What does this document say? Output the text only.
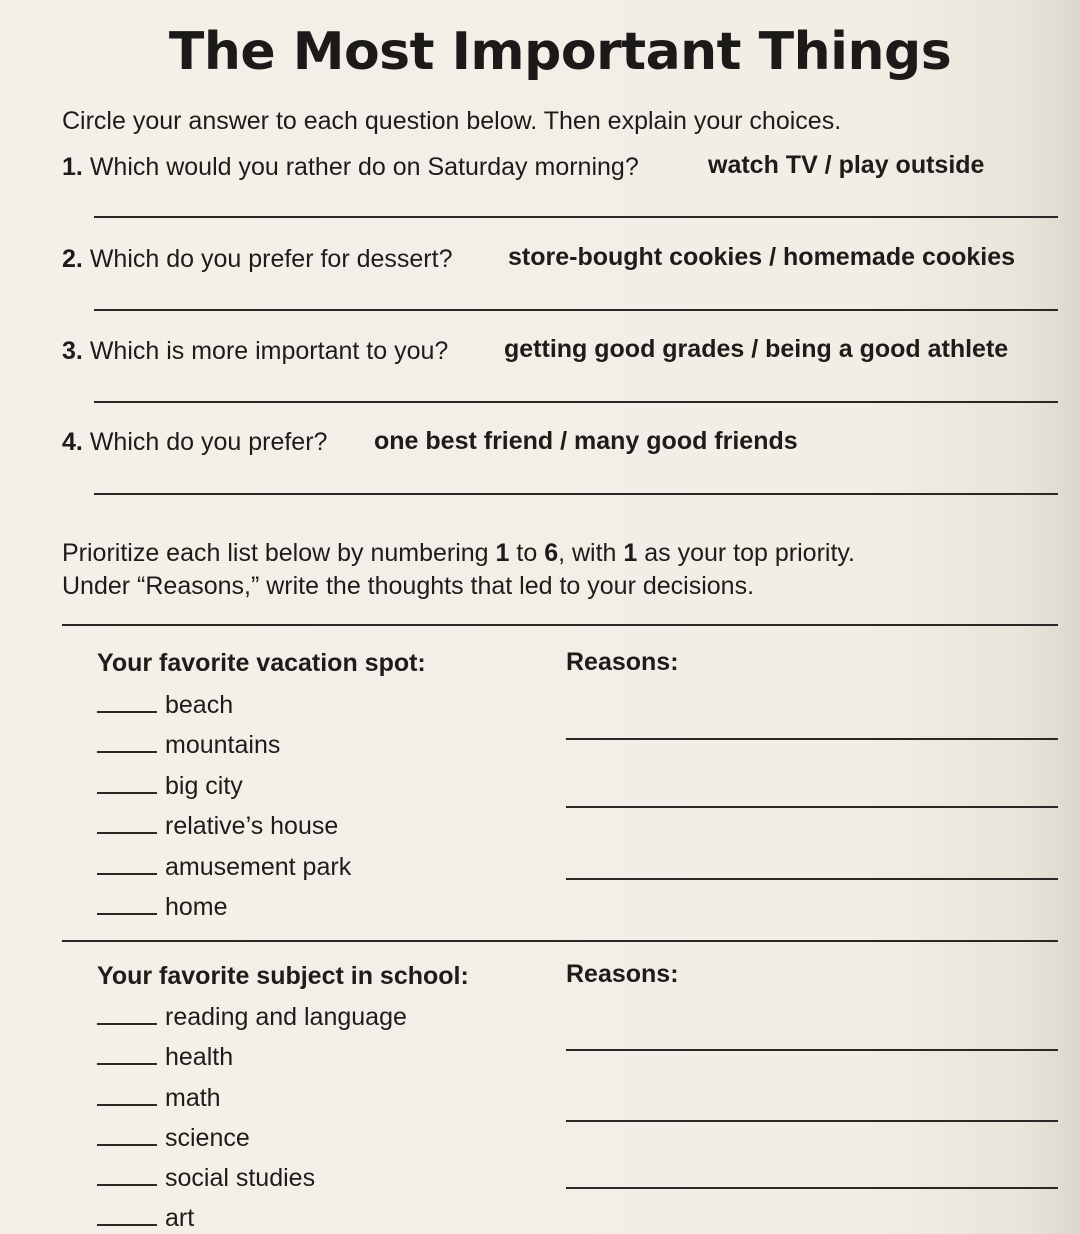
The Most Important Things
Circle your answer to each question below. Then explain your choices.
1. Which would you rather do on Saturday morning?	watch TV / play outside
2. Which do you prefer for dessert? store-bought cookies / homemade cookies
3. Which is more important to you? getting good grades / being a good athlete
4. Which do you prefer? one best friend / many good friends
Prioritize each list below by numbering 1 to 6, with 1 as your top priority.
Under “Reasons,” write the thoughts that led to your decisions.
Your favorite vacation spot:	Reasons:
beach
mountains
big city
relative’s house
amusement park
home
Your favorite subject in school:	Reasons:
reading and language
health
math
science
social studies
art
